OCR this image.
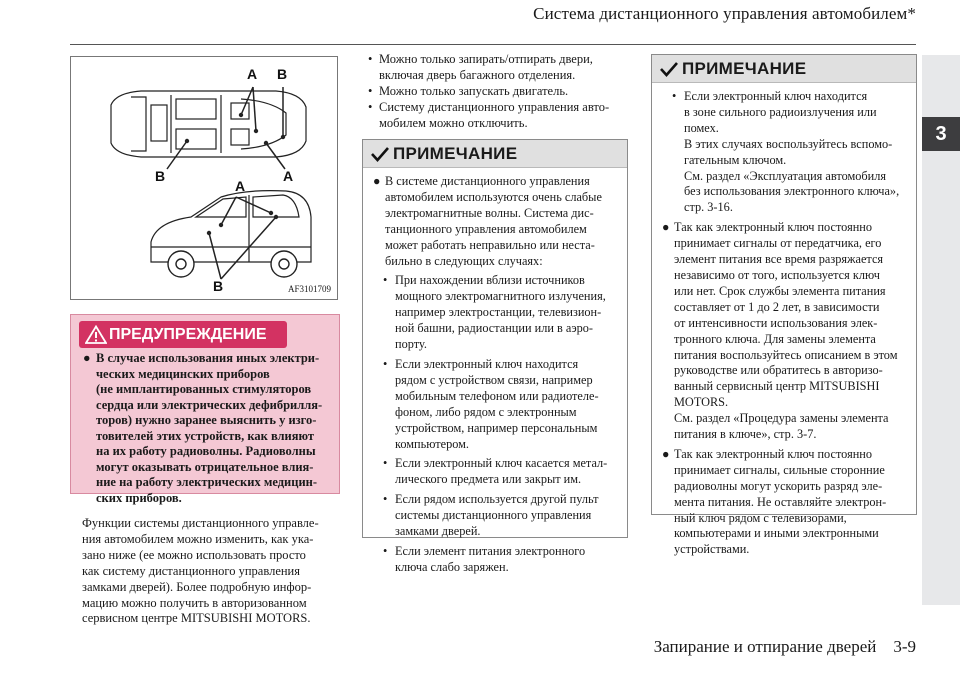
Система дистанционного управления автомобилем*
3
A B
B	A
A
B	AF3101709
ПРЕДУПРЕЖДЕНИЕ
● В случае использования иных электри-
ческих медицинских приборов
(не имплантированных стимуляторов
сердца или электрических дефибрилля-
торов) нужно заранее выяснить у изго-
товителей этих устройств, как влияют
на их работу радиоволны. Радиоволны
могут оказывать отрицательное влия-
ние на работу электрических медицин-
ских приборов.
Функции системы дистанционного управле-
ния автомобилем можно изменить, как ука-
зано ниже (ее можно использовать просто
как систему дистанционного управления
замками дверей). Более подробную инфор-
мацию можно получить в авторизованном
сервисном центре MITSUBISHI MOTORS.
• Можно только запирать/отпирать двери,
включая дверь багажного отделения.
• Можно только запускать двигатель.
• Систему дистанционного управления авто-
мобилем можно отключить.
ПРИМЕЧАНИЕ
● В системе дистанционного управления
автомобилем используются очень слабые
электромагнитные волны. Система дис-
танционного управления автомобилем
может работать неправильно или неста-
бильно в следующих случаях:
• При нахождении вблизи источников
мощного электромагнитного излучения,
например электростанции, телевизион-
ной башни, радиостанции или в аэро-
порту.
• Если электронный ключ находится
рядом с устройством связи, например
мобильным телефоном или радиотеле-
фоном, либо рядом с электронным
устройством, например персональным
компьютером.
• Если электронный ключ касается метал-
лического предмета или закрыт им.
• Если рядом используется другой пульт
системы дистанционного управления
замками дверей.
• Если элемент питания электронного
ключа слабо заряжен.
ПРИМЕЧАНИЕ
• Если электронный ключ находится
в зоне сильного радиоизлучения или
помех.
В этих случаях воспользуйтесь вспомо-
гательным ключом.
См. раздел «Эксплуатация автомобиля
без использования электронного ключа»,
стр. 3-16.
● Так как электронный ключ постоянно
принимает сигналы от передатчика, его
элемент питания все время разряжается
независимо от того, используется ключ
или нет. Срок службы элемента питания
составляет от 1 до 2 лет, в зависимости
от интенсивности использования элек-
тронного ключа. Для замены элемента
питания воспользуйтесь описанием в этом
руководстве или обратитесь в авторизо-
ванный сервисный центр MITSUBISHI
MOTORS.
См. раздел «Процедура замены элемента
питания в ключе», стр. 3-7.
● Так как электронный ключ постоянно
принимает сигналы, сильные сторонние
радиоволны могут ускорить разряд эле-
мента питания. Не оставляйте электрон-
ный ключ рядом с телевизорами,
компьютерами и иными электронными
устройствами.
Запирание и отпирание дверей    3-9
